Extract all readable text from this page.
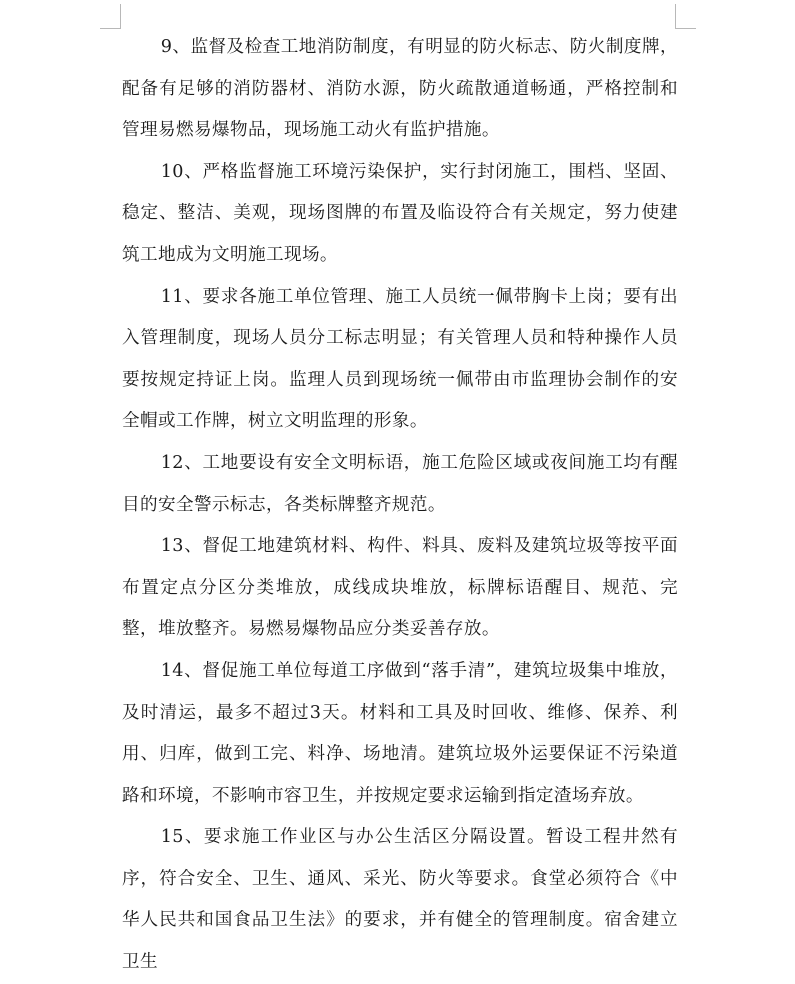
9、监督及检查工地消防制度，有明显的防火标志、防火制度牌，配备有足够的消防器材、消防水源，防火疏散通道畅通，严格控制和管理易燃易爆物品，现场施工动火有监护措施。

10、严格监督施工环境污染保护，实行封闭施工，围档、坚固、稳定、整洁、美观，现场图牌的布置及临设符合有关规定，努力使建筑工地成为文明施工现场。

11、要求各施工单位管理、施工人员统一佩带胸卡上岗；要有出入管理制度，现场人员分工标志明显；有关管理人员和特种操作人员要按规定持证上岗。监理人员到现场统一佩带由市监理协会制作的安全帽或工作牌，树立文明监理的形象。

12、工地要设有安全文明标语，施工危险区域或夜间施工均有醒目的安全警示标志，各类标牌整齐规范。

13、督促工地建筑材料、构件、料具、废料及建筑垃圾等按平面布置定点分区分类堆放，成线成块堆放，标牌标语醒目、规范、完整，堆放整齐。易燃易爆物品应分类妥善存放。

14、督促施工单位每道工序做到“落手清”，建筑垃圾集中堆放，及时清运，最多不超过3天。材料和工具及时回收、维修、保养、利用、归库，做到工完、料净、场地清。建筑垃圾外运要保证不污染道路和环境，不影响市容卫生，并按规定要求运输到指定渣场弃放。

15、要求施工作业区与办公生活区分隔设置。暂设工程井然有序，符合安全、卫生、通风、采光、防火等要求。食堂必须符合《中华人民共和国食品卫生法》的要求，并有健全的管理制度。宿舍建立卫生
